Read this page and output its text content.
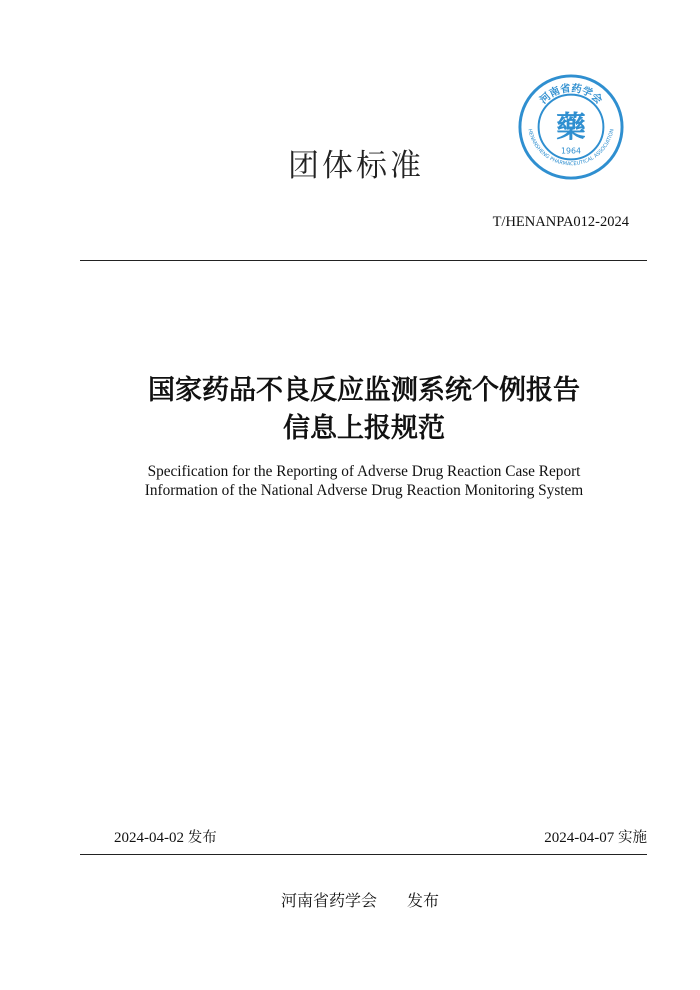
河南省药学会
HENANSHENG PHARMACEUTICAL ASSOCIATION
藥
1964
团体标准
T/HENANPA012-2024
国家药品不良反应监测系统个例报告
信息上报规范
Specification for the Reporting of Adverse Drug Reaction Case Report
Information of the National Adverse Drug Reaction Monitoring System
2024-04-02 发布	2024-04-07 实施
河南省药学会 发布
